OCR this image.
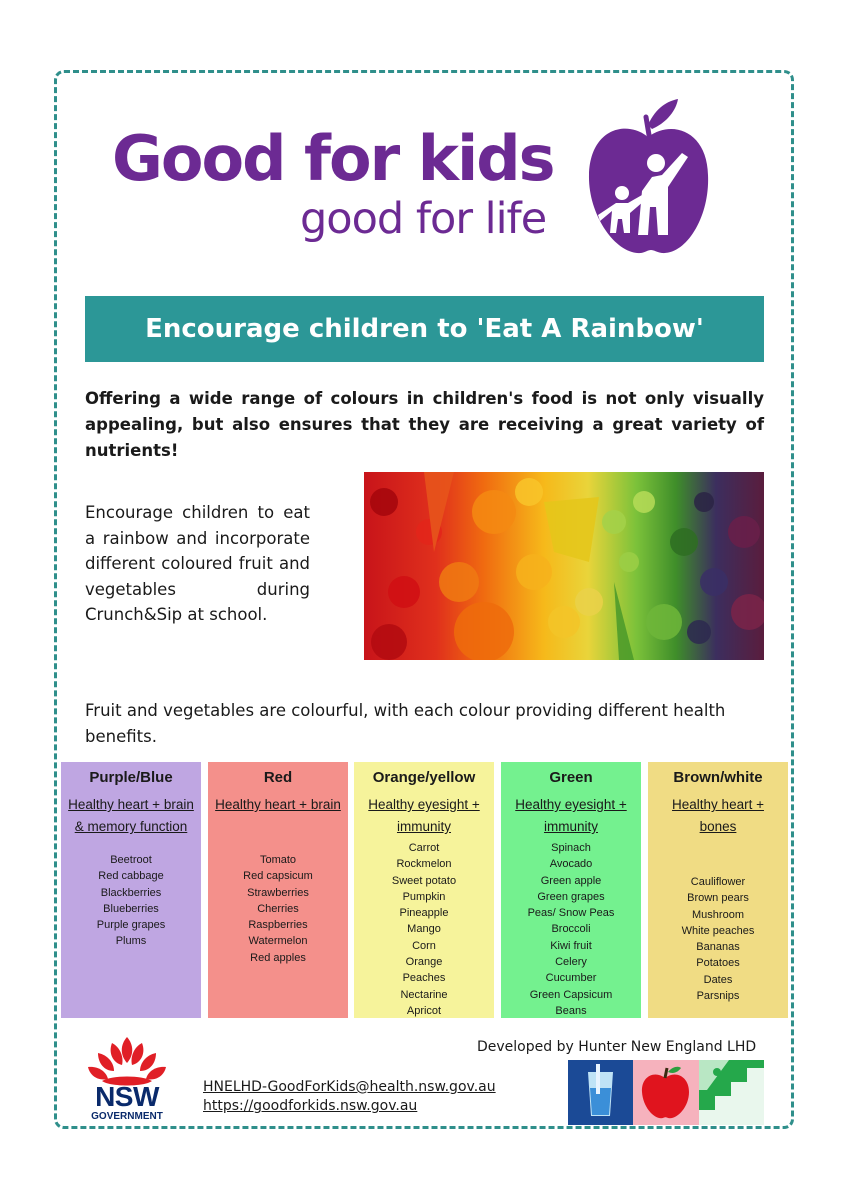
Good for kids
good for life
Encourage children to 'Eat A Rainbow'

Offering a wide range of colours in children's food is not only visually appealing, but also ensures that they are receiving a great variety of nutrients!

Encourage children to eat a rainbow and incorporate different coloured fruit and vegetables during Crunch&Sip at school.

Fruit and vegetables are colourful, with each colour providing different health benefits.

Purple/Blue
Healthy heart + brain & memory function
Beetroot
Red cabbage
Blackberries
Blueberries
Purple grapes
Plums
Red
Healthy heart + brain
Tomato
Red capsicum
Strawberries
Cherries
Raspberries
Watermelon
Red apples
Orange/yellow
Healthy eyesight + immunity
Carrot
Rockmelon
Sweet potato
Pumpkin
Pineapple
Mango
Corn
Orange
Peaches
Nectarine
Apricot
Green
Healthy eyesight + immunity
Spinach
Avocado
Green apple
Green grapes
Peas/ Snow Peas
Broccoli
Kiwi fruit
Celery
Cucumber
Green Capsicum
Beans
Brown/white
Healthy heart + bones
Cauliflower
Brown pears
Mushroom
White peaches
Bananas
Potatoes
Dates
Parsnips
NSW
GOVERNMENT
Developed by Hunter New England LHD
HNELHD-GoodForKids@health.nsw.gov.au
https://goodforkids.nsw.gov.au
